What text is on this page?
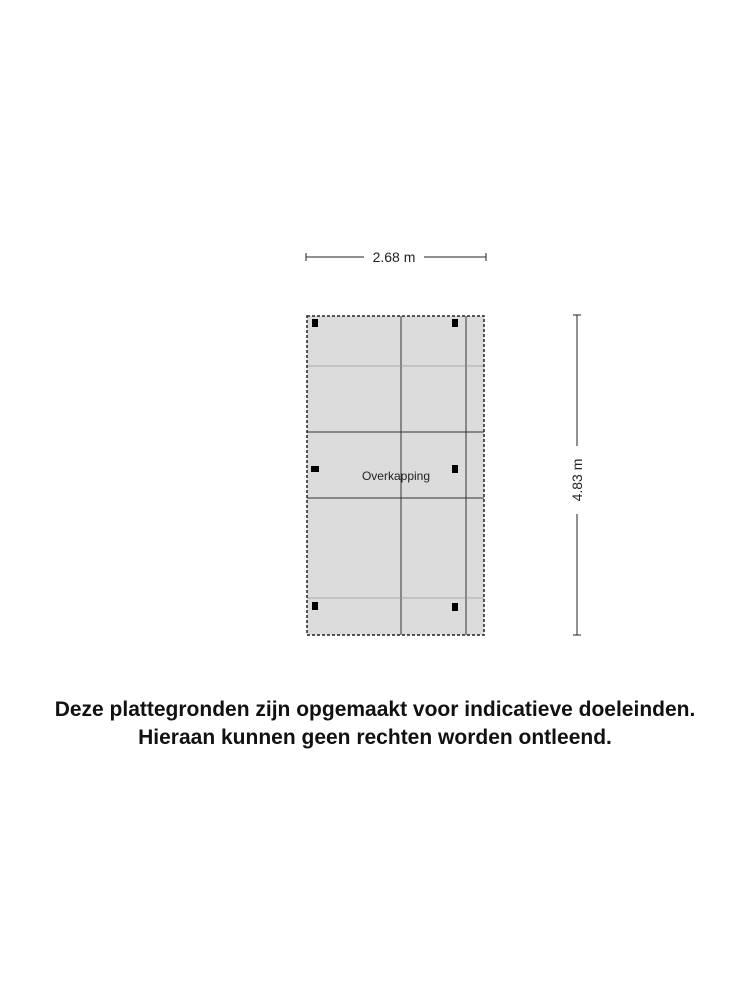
2.68 m
4.83 m
Overkapping
Deze plattegronden zijn opgemaakt voor indicatieve doeleinden.
Hieraan kunnen geen rechten worden ontleend.
